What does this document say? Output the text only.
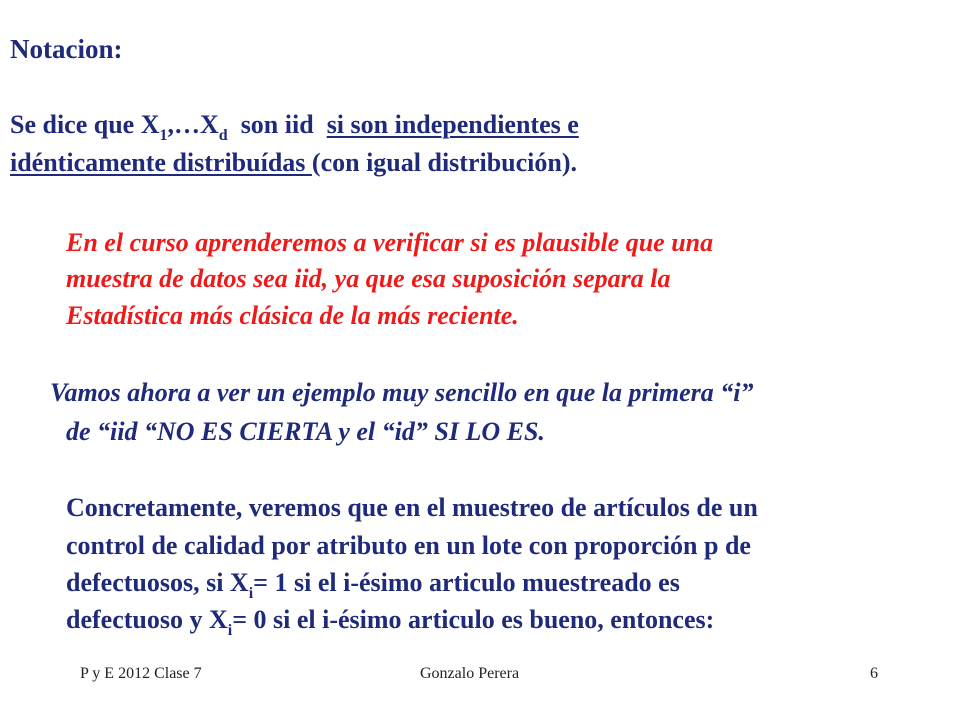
Notacion:
Se dice que $X_1,\dots X_d$  son iid  si son independientes e
idénticamente distribuídas (con igual distribución).
En el curso aprenderemos a verificar si es plausible que una
muestra de datos sea iid, ya que esa suposición separa la
Estadística más clásica de la más reciente.
Vamos ahora a ver un ejemplo muy sencillo en que la primera “i”
de “iid “NO ES CIERTA y el “id” SI LO ES.
Concretamente, veremos que en el muestreo de artículos de un
control de calidad por atributo en un lote con proporción p de
defectuosos, si $X_i= 1$ si el i-ésimo articulo muestreado es
defectuoso y $X_i= 0$ si el i-ésimo articulo es bueno, entonces:
P y E 2012 Clase 7	Gonzalo Perera	6
